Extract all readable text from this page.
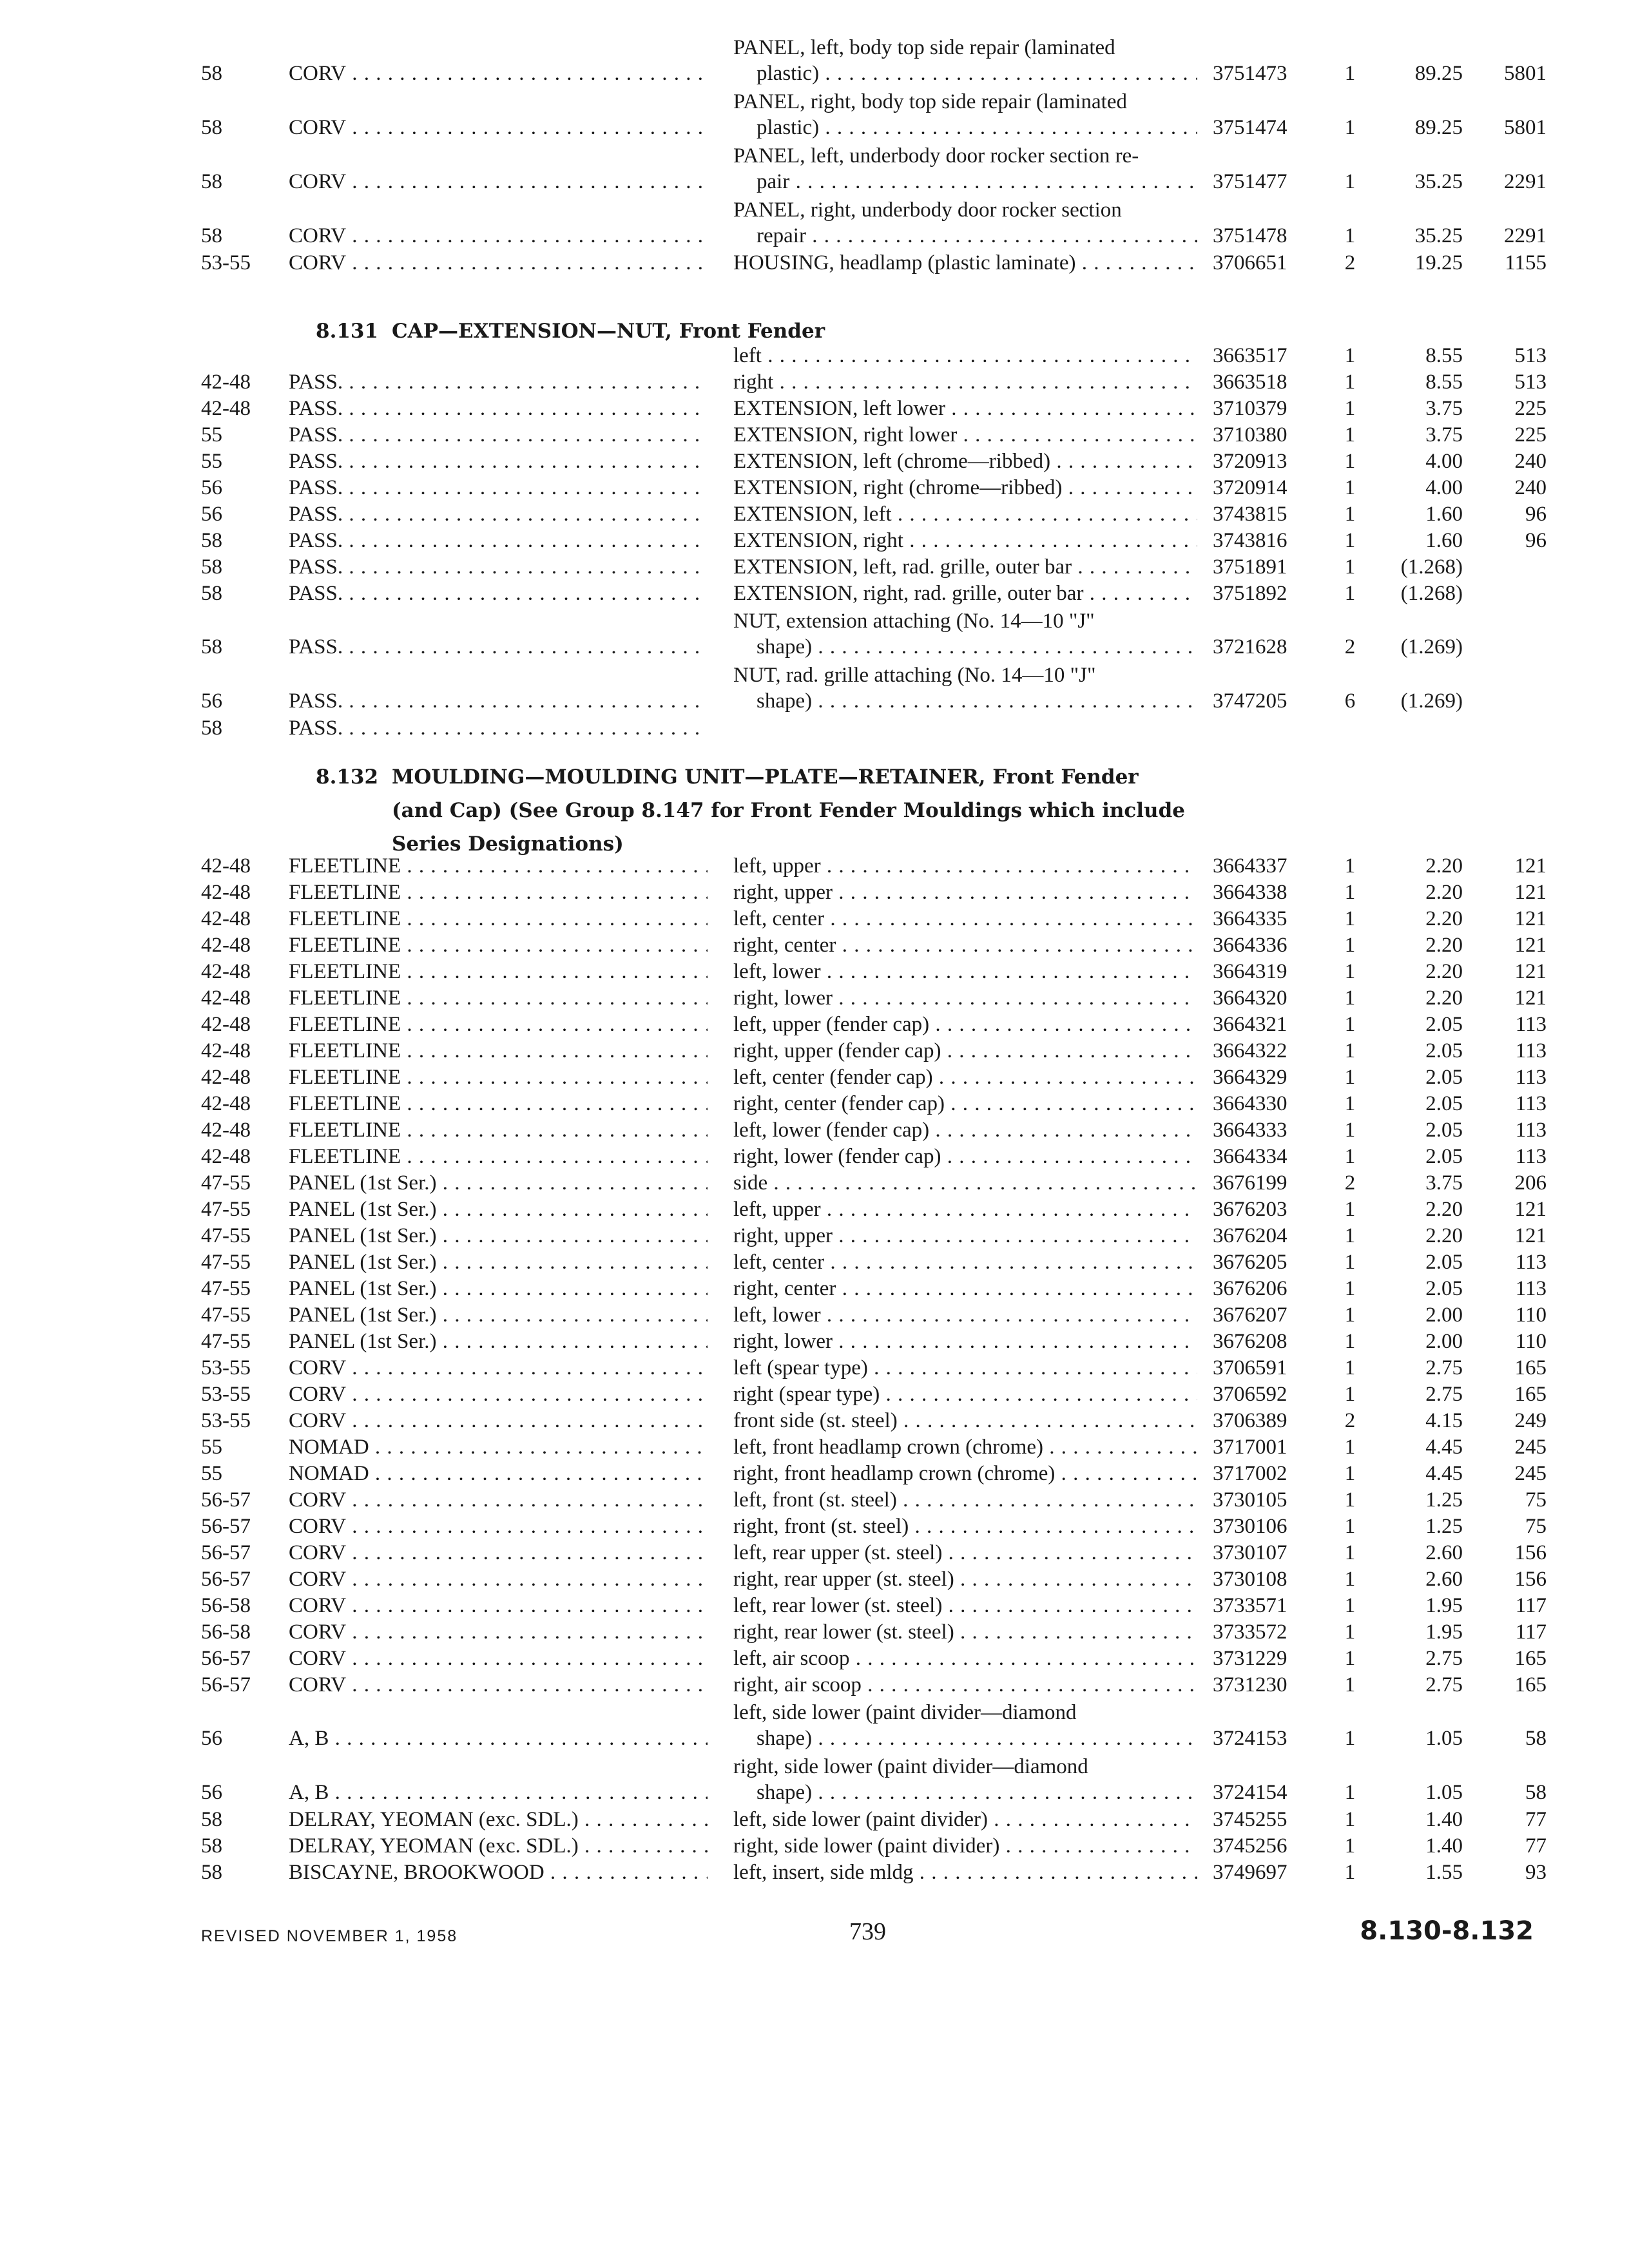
58	CORV . . .
PANEL, left, body top side repair (laminated
plastic) . . .	3751473	1	89.25	5801
58	CORV . . .
PANEL, right, body top side repair (laminated
plastic) . . .	3751474	1	89.25	5801
58	CORV . . .
PANEL, left, underbody door rocker section re-
pair . . .	3751477	1	35.25	2291
58	CORV . . .
PANEL, right, underbody door rocker section
repair . . .	3751478	1	35.25	2291
53-55 CORV . . .	HOUSING, headlamp (plastic laminate) . . .	3706651	2	19.25	1155
8.131 CAP—EXTENSION—NUT, Front Fender
left . . .	3663517	1	8.55	513
42-48 PASS. . . .	right . . .	3663518	1	8.55	513
42-48 PASS. . . .	EXTENSION, left lower . . .	3710379	1	3.75	225
55	PASS. . . .	EXTENSION, right lower . . .	3710380	1	3.75	225
55	PASS. . . .	EXTENSION, left (chrome—ribbed) . . .	3720913	1	4.00	240
56	PASS. . . .	EXTENSION, right (chrome—ribbed) . . .	3720914	1	4.00	240
56	PASS. . . .	EXTENSION, left . . .	3743815	1	1.60	96
58	PASS. . . .	EXTENSION, right . . .	3743816	1	1.60	96
58	PASS. . . .	EXTENSION, left, rad. grille, outer bar . . .	3751891	1	(1.268)
58	PASS. . . .	EXTENSION, right, rad. grille, outer bar . . .	3751892	1	(1.268)
58	PASS. . . .
NUT, extension attaching (No. 14—10 "J"
shape) . . .	3721628	2	(1.269)
56	PASS. . . .
NUT, rad. grille attaching (No. 14—10 "J"
shape) . . .	3747205	6	(1.269)
58	PASS. . . .
8.132 MOULDING—MOULDING UNIT—PLATE—RETAINER, Front Fender
(and Cap) (See Group 8.147 for Front Fender Mouldings which include
Series Designations)
42-48 FLEETLINE . . .	left, upper . . .	3664337	1	2.20	121
42-48 FLEETLINE . . .	right, upper . . .	3664338	1	2.20	121
42-48 FLEETLINE . . .	left, center . . .	3664335	1	2.20	121
42-48 FLEETLINE . . .	right, center . . .	3664336	1	2.20	121
42-48 FLEETLINE . . .	left, lower . . .	3664319	1	2.20	121
42-48 FLEETLINE . . .	right, lower . . .	3664320	1	2.20	121
42-48 FLEETLINE . . .	left, upper (fender cap) . . .	3664321	1	2.05	113
42-48 FLEETLINE . . .	right, upper (fender cap) . . .	3664322	1	2.05	113
42-48 FLEETLINE . . .	left, center (fender cap) . . .	3664329	1	2.05	113
42-48 FLEETLINE . . .	right, center (fender cap) . . .	3664330	1	2.05	113
42-48 FLEETLINE . . .	left, lower (fender cap) . . .	3664333	1	2.05	113
42-48 FLEETLINE . . .	right, lower (fender cap) . . .	3664334	1	2.05	113
47-55 PANEL (1st Ser.) . . .	side . . .	3676199	2	3.75	206
47-55 PANEL (1st Ser.) . . .	left, upper . . .	3676203	1	2.20	121
47-55 PANEL (1st Ser.) . . .	right, upper . . .	3676204	1	2.20	121
47-55 PANEL (1st Ser.) . . .	left, center . . .	3676205	1	2.05	113
47-55 PANEL (1st Ser.) . . .	right, center . . .	3676206	1	2.05	113
47-55 PANEL (1st Ser.) . . .	left, lower . . .	3676207	1	2.00	110
47-55 PANEL (1st Ser.) . . .	right, lower . . .	3676208	1	2.00	110
53-55 CORV . . .	left (spear type) . . .	3706591	1	2.75	165
53-55 CORV . . .	right (spear type) . . .	3706592	1	2.75	165
53-55 CORV . . .	front side (st. steel) . . .	3706389	2	4.15	249
55	NOMAD . . .	left, front headlamp crown (chrome) . . .	3717001	1	4.45	245
55	NOMAD . . .	right, front headlamp crown (chrome) . . .	3717002	1	4.45	245
56-57 CORV . . .	left, front (st. steel) . . .	3730105	1	1.25	75
56-57 CORV . . .	right, front (st. steel) . . .	3730106	1	1.25	75
56-57 CORV . . .	left, rear upper (st. steel) . . .	3730107	1	2.60	156
56-57 CORV . . .	right, rear upper (st. steel) . . .	3730108	1	2.60	156
56-58 CORV . . .	left, rear lower (st. steel) . . .	3733571	1	1.95	117
56-58 CORV . . .	right, rear lower (st. steel) . . .	3733572	1	1.95	117
56-57 CORV . . .	left, air scoop . . .	3731229	1	2.75	165
56-57 CORV . . .	right, air scoop . . .	3731230	1	2.75	165
56	A, B . . .
left, side lower (paint divider—diamond
shape) . . .	3724153	1	1.05	58
56	A, B . . .
right, side lower (paint divider—diamond
shape) . . .	3724154	1	1.05	58
58	DELRAY, YEOMAN (exc. SDL.) . . .	left, side lower (paint divider) . . .	3745255	1	1.40	77
58	DELRAY, YEOMAN (exc. SDL.) . . .	right, side lower (paint divider) . . .	3745256	1	1.40	77
58	BISCAYNE, BROOKWOOD . . .	left, insert, side mldg . . .	3749697	1	1.55	93
REVISED NOVEMBER 1, 1958	739	8.130-8.132
